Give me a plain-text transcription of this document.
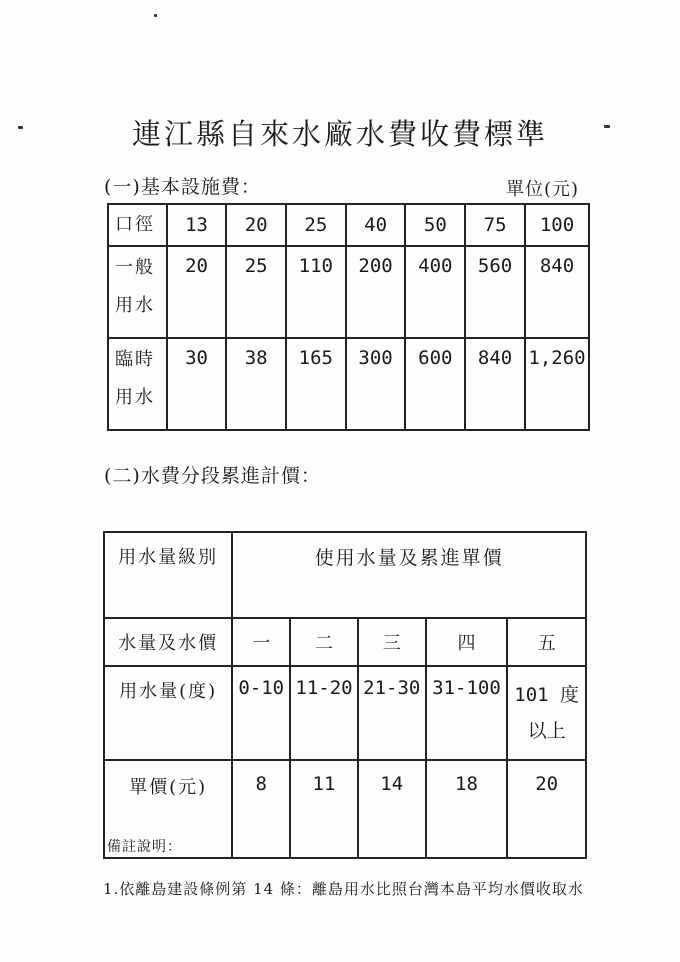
連江縣自來水廠水費收費標準
(一)基本設施費：	單位(元)
口徑	13	20	25	40	50	75	100

一般
用水	20	25	110	200	400	560	840

臨時
用水	30	38	165	300	600	840	1,260
(二)水費分段累進計價：
用水量級別	使用水量及累進單價				
水量及水價	一	二	三	四	五
用水量(度)	0-10	11-20	21-30	31-100	101 度
以上

單價(元)	8	11	14	18	20
備註說明：
1.依離島建設條例第 14 條：離島用水比照台灣本島平均水價收取水
